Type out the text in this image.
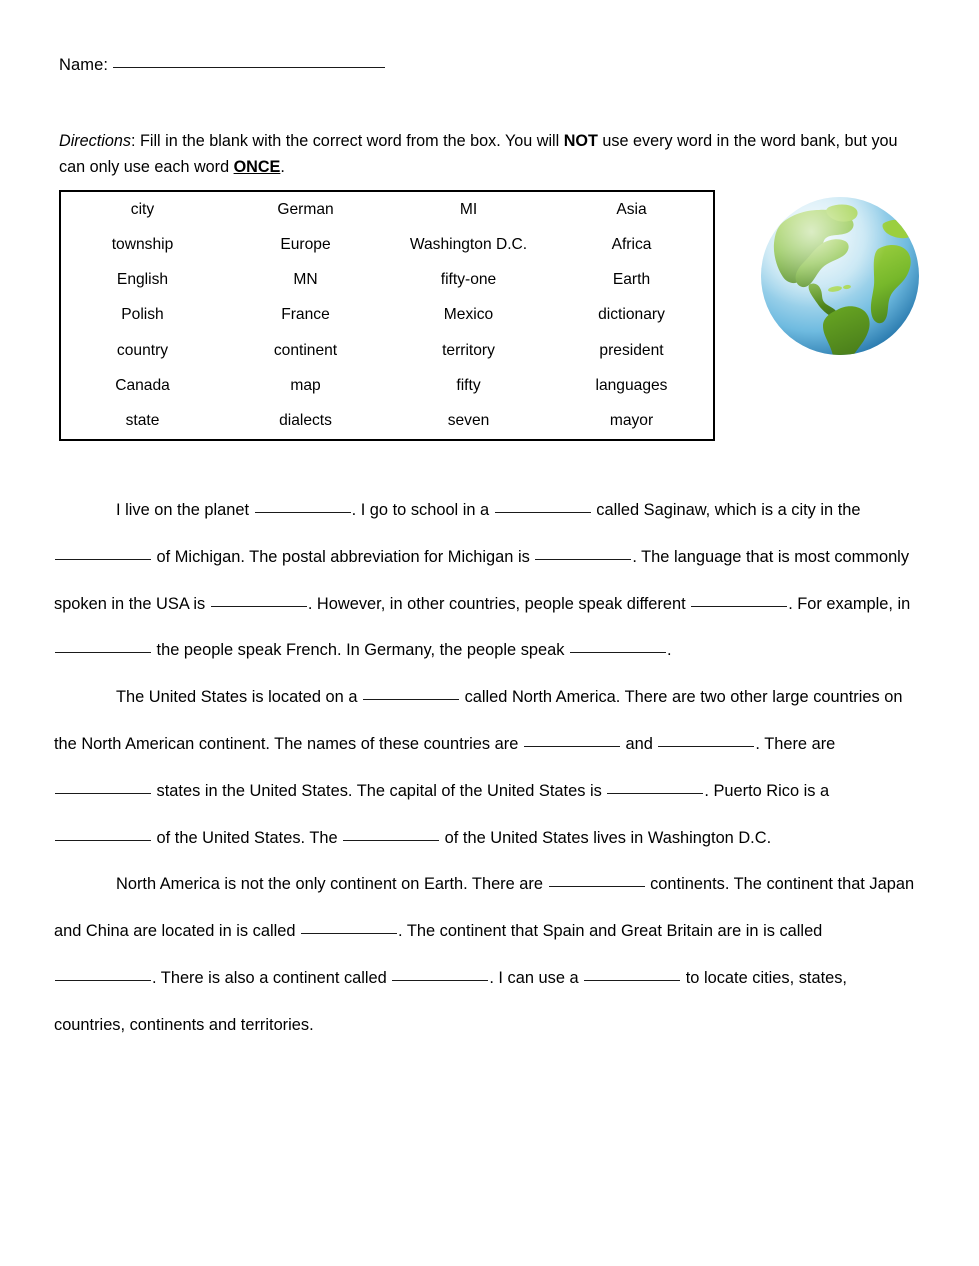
Name:
Directions: Fill in the blank with the correct word from the box. You will NOT use every word in the word bank, but you can only use each word ONCE.
city	German	MI	Asia
township	Europe	Washington D.C.	Africa
English	MN	fifty-one	Earth
Polish	France	Mexico	dictionary
country	continent	territory	president
Canada	map	fifty	languages
state	dialects	seven	mayor

I live on the planet	. I go to school in a	called Saginaw, which is a city in the  of Michigan. The postal abbreviation for Michigan is	. The language that is most commonly spoken in the USA is	. However, in other countries, people speak different	. For example, in  the people speak French. In Germany, the people speak	.

The United States is located on a	called North America. There are two other large countries on the North American continent. The names of these countries are	and	. There are  states in the United States. The capital of the United States is	. Puerto Rico is a  of the United States. The	of the United States lives in Washington D.C.

North America is not the only continent on Earth. There are	continents. The continent that Japan and China are located in is called	. The continent that Spain and Great Britain are in is called . There is also a continent called	. I can use a	to locate cities, states, countries, continents and territories.
